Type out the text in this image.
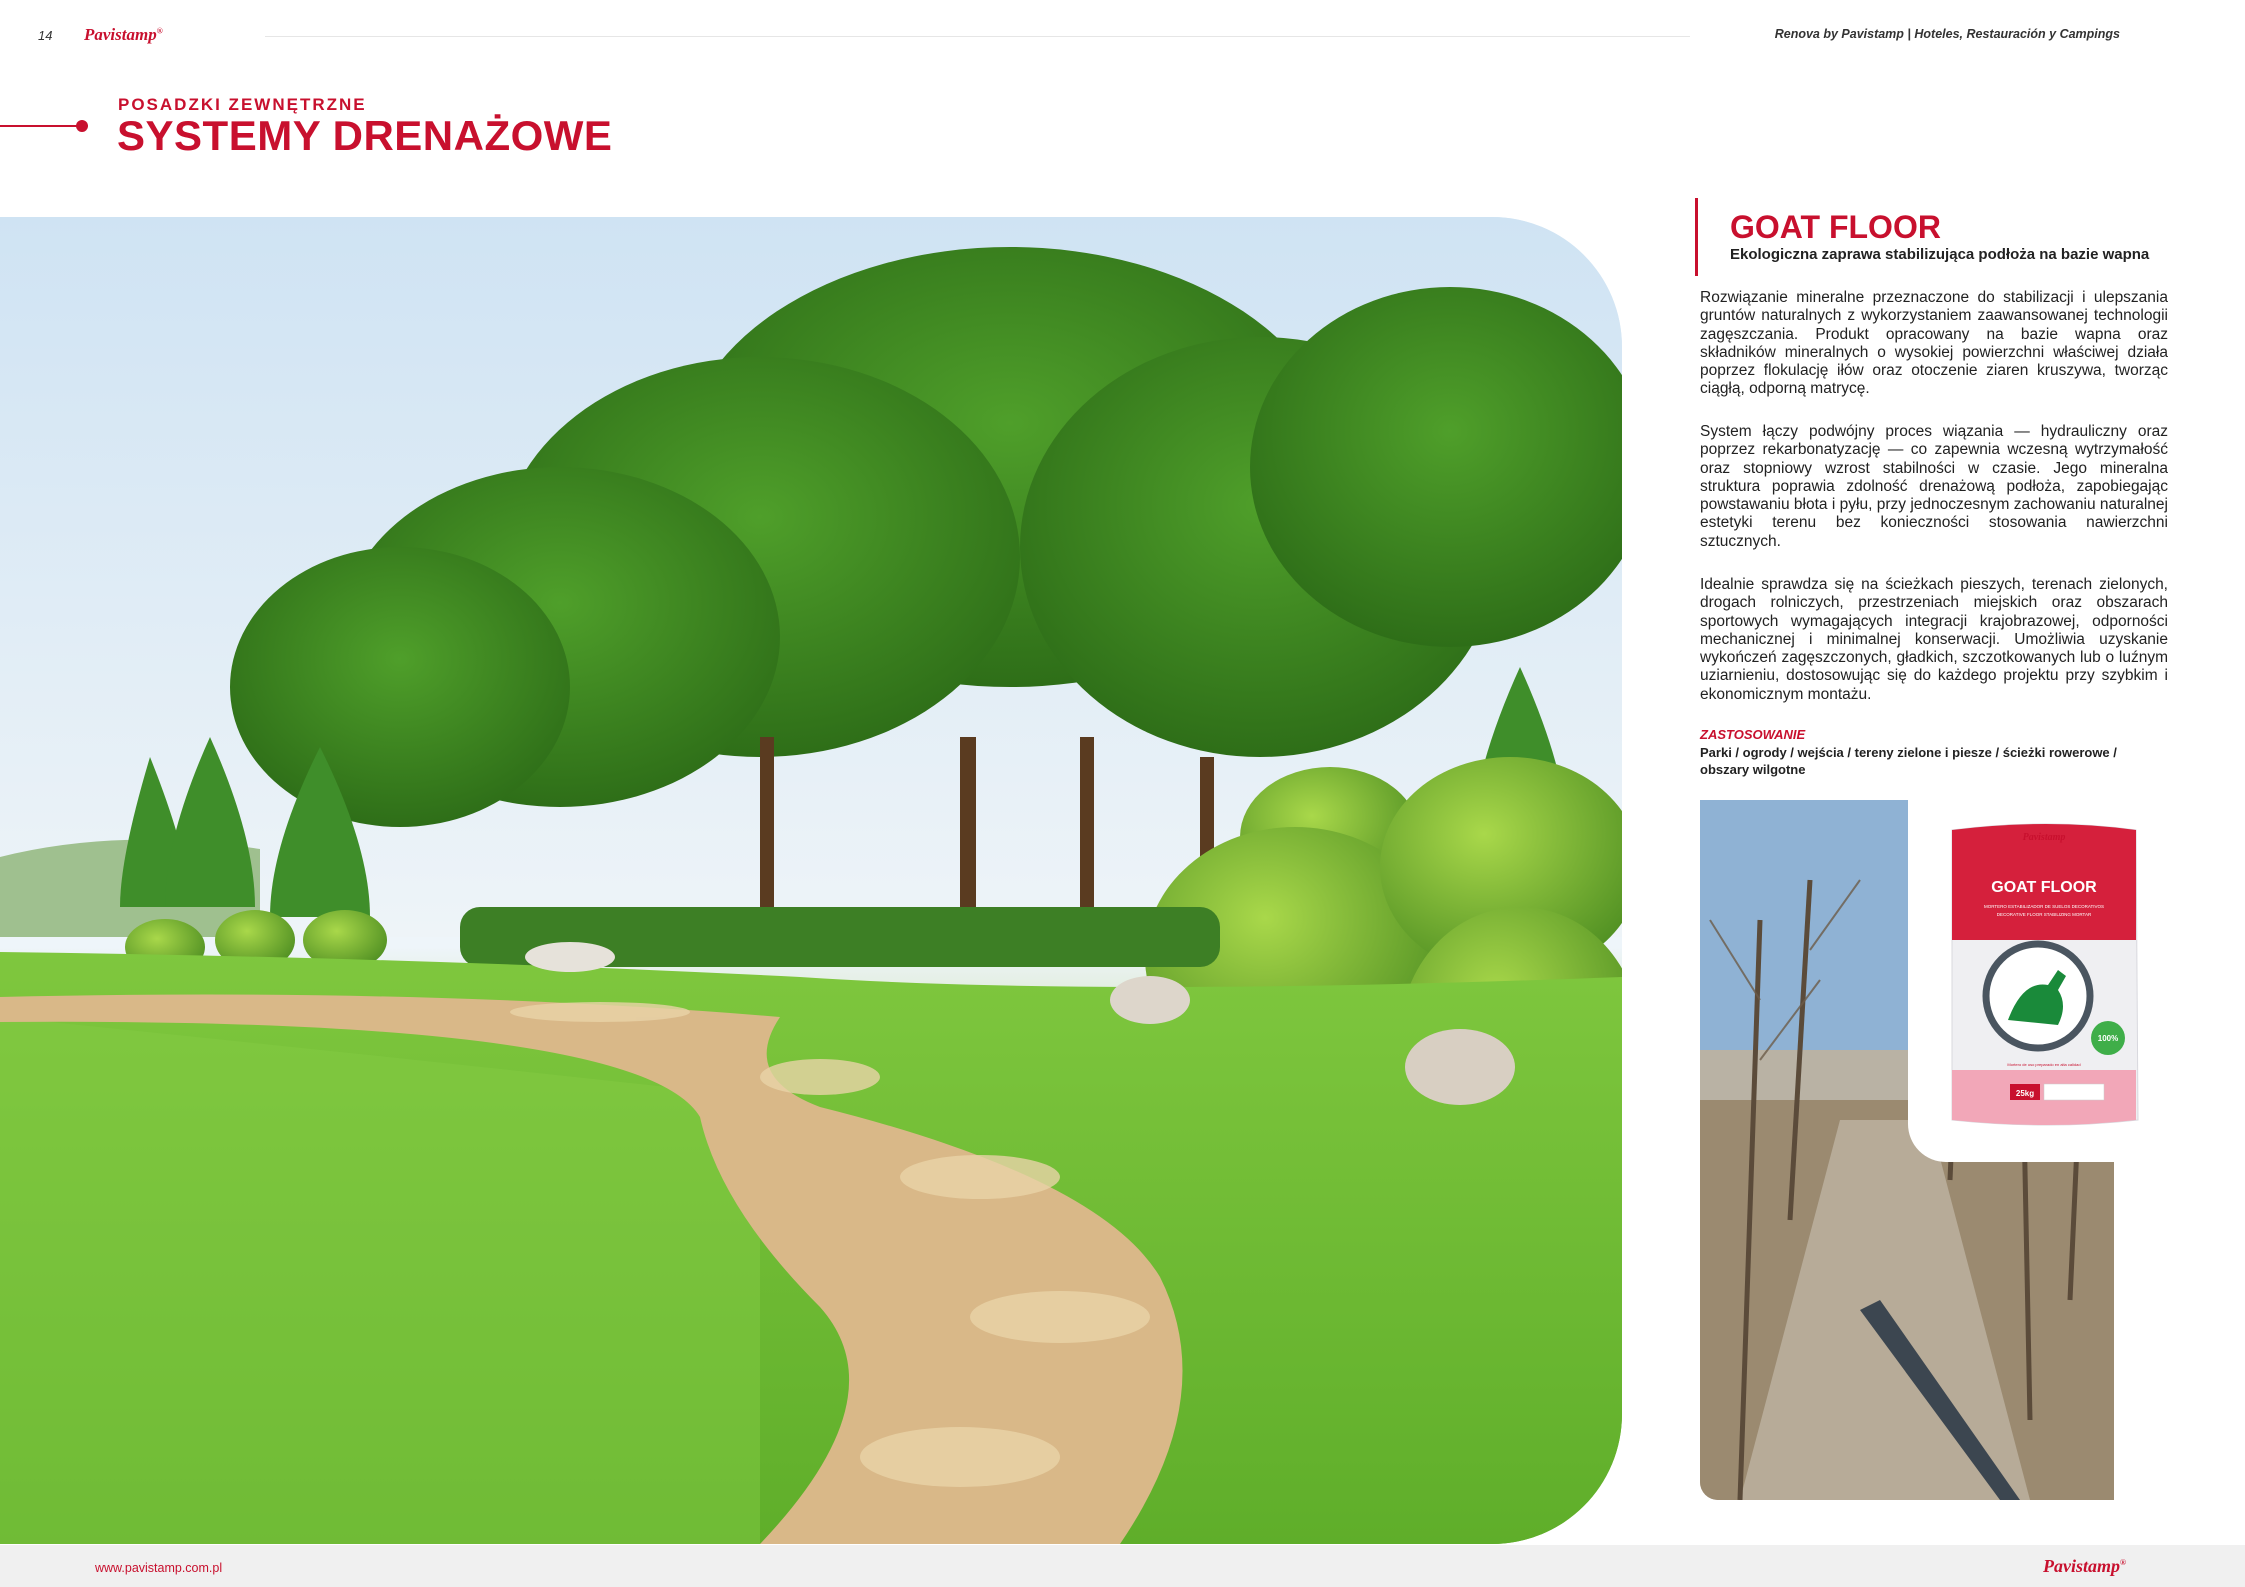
14 Pavistamp®	Renova by Pavistamp | Hoteles, Restauración y Campings
POSADZKI ZEWNĘTRZNE
SYSTEMY DRENAŻOWE
GOAT FLOOR
Ekologiczna zaprawa stabilizująca podłoża na bazie wapna
Rozwiązanie mineralne przeznaczone do stabilizacji i ulepszania gruntów naturalnych z wykorzystaniem zaawansowanej technologii zagęszczania. Produkt opracowany na bazie wapna oraz składników mineralnych o wysokiej powierzchni właściwej działa poprzez flokulację iłów oraz otoczenie ziaren kruszywa, tworząc ciągłą, odporną matrycę.
System łączy podwójny proces wiązania — hydrauliczny oraz poprzez rekarbonatyzację — co zapewnia wczesną wytrzymałość oraz stopniowy wzrost stabilności w czasie. Jego mineralna struktura poprawia zdolność drenażową podłoża, zapobiegając powstawaniu błota i pyłu, przy jednoczesnym zachowaniu naturalnej estetyki terenu bez konieczności stosowania nawierzchni sztucznych.
Idealnie sprawdza się na ścieżkach pieszych, terenach zielonych, drogach rolniczych, przestrzeniach miejskich oraz obszarach sportowych wymagających integracji krajobrazowej, odporności mechanicznej i minimalnej konserwacji. Umożliwia uzyskanie wykończeń zagęszczonych, gładkich, szczotkowanych lub o luźnym uziarnieniu, dostosowując się do każdego projektu przy szybkim i ekonomicznym montażu.
ZASTOSOWANIE
Parki / ogrody / wejścia / tereny zielone i piesze / ścieżki rowerowe / obszary wilgotne
Pavistamp
GOAT FLOOR
MORTERO ESTABILIZADOR DE SUELOS DECORATIVOS
DECORATIVE FLOOR STABILIZING MORTAR
100%
Mortero de uso preparado en alta calidad
25kg
www.pavistamp.com.pl	Pavistamp®
